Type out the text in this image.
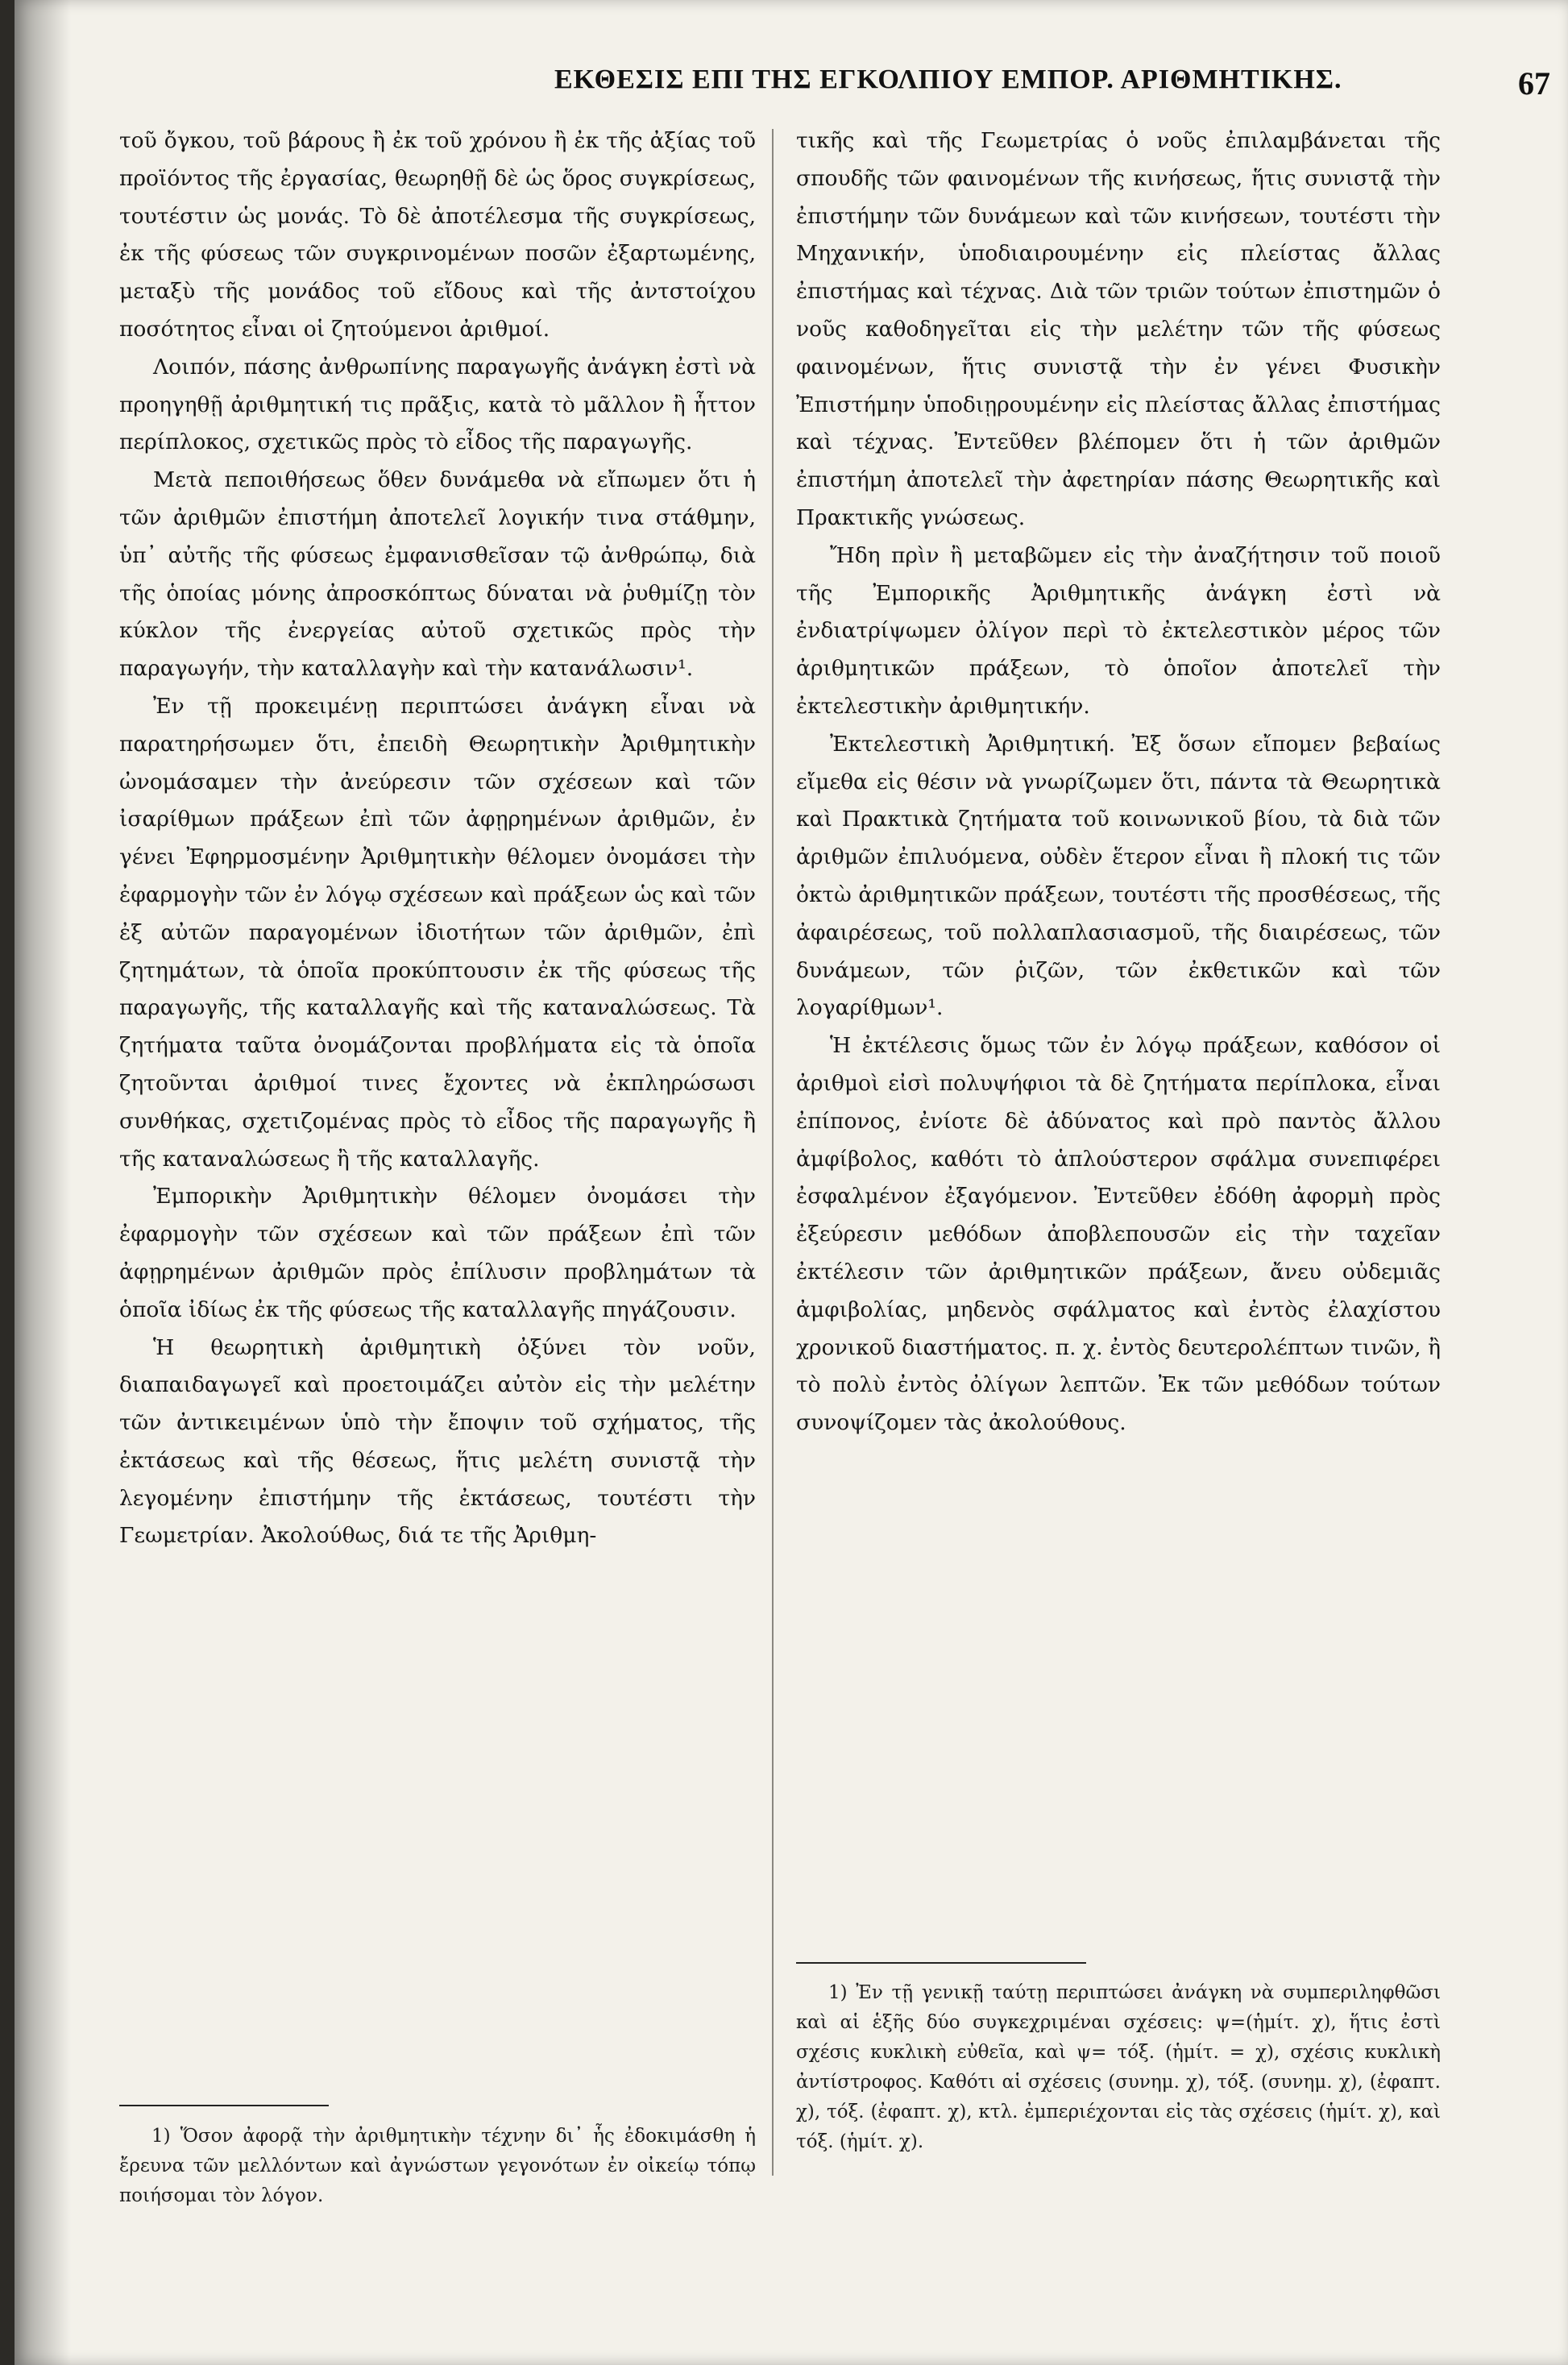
ΕΚΘΕΣΙΣ ΕΠΙ ΤΗΣ ΕΓΚΟΛΠΙΟΥ ΕΜΠΟΡ. ΑΡΙΘΜΗΤΙΚΗΣ.	67

τοῦ ὄγκου, τοῦ βάρους ἢ ἐκ τοῦ χρόνου ἢ ἐκ τῆς ἀξίας τοῦ προϊόντος τῆς ἐργασίας, θεωρηθῇ δὲ ὡς ὅρος συγκρίσεως, τουτέστιν ὡς μονάς. Τὸ δὲ ἀποτέλεσμα τῆς συγκρίσεως, ἐκ τῆς φύσεως τῶν συγκρινομένων ποσῶν ἐξαρτωμένης, μεταξὺ τῆς μονάδος τοῦ εἴδους καὶ τῆς ἀντστοίχου ποσότητος εἶναι οἱ ζητούμενοι ἀριθμοί.

Λοιπόν, πάσης ἀνθρωπίνης παραγωγῆς ἀνάγκη ἐστὶ νὰ προηγηθῇ ἀριθμητική τις πρᾶξις, κατὰ τὸ μᾶλλον ἢ ἧττον περίπλοκος, σχετικῶς πρὸς τὸ εἶδος τῆς παραγωγῆς.

Μετὰ πεποιθήσεως ὅθεν δυνάμεθα νὰ εἴπωμεν ὅτι ἡ τῶν ἀριθμῶν ἐπιστήμη ἀποτελεῖ λογικήν τινα στάθμην, ὑπ᾽ αὐτῆς τῆς φύσεως ἐμφανισθεῖσαν τῷ ἀνθρώπῳ, διὰ τῆς ὁποίας μόνης ἀπροσκόπτως δύναται νὰ ῥυθμίζῃ τὸν κύκλον τῆς ἐνεργείας αὐτοῦ σχετικῶς πρὸς τὴν παραγωγήν, τὴν καταλλαγὴν καὶ τὴν κατανάλωσιν¹.

Ἐν τῇ προκειμένῃ περιπτώσει ἀνάγκη εἶναι νὰ παρατηρήσωμεν ὅτι, ἐπειδὴ Θεωρητικὴν Ἀριθμητικὴν ὠνομάσαμεν τὴν ἀνεύρεσιν τῶν σχέσεων καὶ τῶν ἰσαρίθμων πράξεων ἐπὶ τῶν ἀφῃρημένων ἀριθμῶν, ἐν γένει Ἐφηρμοσμένην Ἀριθμητικὴν θέλομεν ὀνομάσει τὴν ἐφαρμογὴν τῶν ἐν λόγῳ σχέσεων καὶ πράξεων ὡς καὶ τῶν ἐξ αὐτῶν παραγομένων ἰδιοτήτων τῶν ἀριθμῶν, ἐπὶ ζητημάτων, τὰ ὁποῖα προκύπτουσιν ἐκ τῆς φύσεως τῆς παραγωγῆς, τῆς καταλλαγῆς καὶ τῆς καταναλώσεως. Τὰ ζητήματα ταῦτα ὀνομάζονται προβλήματα εἰς τὰ ὁποῖα ζητοῦνται ἀριθμοί τινες ἔχοντες νὰ ἐκπληρώσωσι συνθήκας, σχετιζομένας πρὸς τὸ εἶδος τῆς παραγωγῆς ἢ τῆς καταναλώσεως ἢ τῆς καταλλαγῆς.

Ἐμπορικὴν Ἀριθμητικὴν θέλομεν ὀνομάσει τὴν ἐφαρμογὴν τῶν σχέσεων καὶ τῶν πράξεων ἐπὶ τῶν ἀφῃρημένων ἀριθμῶν πρὸς ἐπίλυσιν προβλημάτων τὰ ὁποῖα ἰδίως ἐκ τῆς φύσεως τῆς καταλλαγῆς πηγάζουσιν.

Ἡ θεωρητικὴ ἀριθμητικὴ ὀξύνει τὸν νοῦν, διαπαιδαγωγεῖ καὶ προετοιμάζει αὐτὸν εἰς τὴν μελέτην τῶν ἀντικειμένων ὑπὸ τὴν ἔποψιν τοῦ σχήματος, τῆς ἐκτάσεως καὶ τῆς θέσεως, ἥτις μελέτη συνιστᾷ τὴν λεγομένην ἐπιστήμην τῆς ἐκτάσεως, τουτέστι τὴν Γεωμετρίαν. Ἀκολούθως, διά τε τῆς Ἀριθμη-

τικῆς καὶ τῆς Γεωμετρίας ὁ νοῦς ἐπιλαμβάνεται τῆς σπουδῆς τῶν φαινομένων τῆς κινήσεως, ἥτις συνιστᾷ τὴν ἐπιστήμην τῶν δυνάμεων καὶ τῶν κινήσεων, τουτέστι τὴν Μηχανικήν, ὑποδιαιρουμένην εἰς πλείστας ἄλλας ἐπιστήμας καὶ τέχνας. Διὰ τῶν τριῶν τούτων ἐπιστημῶν ὁ νοῦς καθοδηγεῖται εἰς τὴν μελέτην τῶν τῆς φύσεως φαινομένων, ἥτις συνιστᾷ τὴν ἐν γένει Φυσικὴν Ἐπιστήμην ὑποδιῃρουμένην εἰς πλείστας ἄλλας ἐπιστήμας καὶ τέχνας. Ἐντεῦθεν βλέπομεν ὅτι ἡ τῶν ἀριθμῶν ἐπιστήμη ἀποτελεῖ τὴν ἀφετηρίαν πάσης Θεωρητικῆς καὶ Πρακτικῆς γνώσεως.

Ἤδη πρὶν ἢ μεταβῶμεν εἰς τὴν ἀναζήτησιν τοῦ ποιοῦ τῆς Ἐμπορικῆς Ἀριθμητικῆς ἀνάγκη ἐστὶ νὰ ἐνδιατρίψωμεν ὀλίγον περὶ τὸ ἐκτελεστικὸν μέρος τῶν ἀριθμητικῶν πράξεων, τὸ ὁποῖον ἀποτελεῖ τὴν ἐκτελεστικὴν ἀριθμητικήν.

Ἐκτελεστικὴ Ἀριθμητική. Ἐξ ὅσων εἴπομεν βεβαίως εἴμεθα εἰς θέσιν νὰ γνωρίζωμεν ὅτι, πάντα τὰ Θεωρητικὰ καὶ Πρακτικὰ ζητήματα τοῦ κοινωνικοῦ βίου, τὰ διὰ τῶν ἀριθμῶν ἐπιλυόμενα, οὐδὲν ἕτερον εἶναι ἢ πλοκή τις τῶν ὀκτὼ ἀριθμητικῶν πράξεων, τουτέστι τῆς προσθέσεως, τῆς ἀφαιρέσεως, τοῦ πολλαπλασιασμοῦ, τῆς διαιρέσεως, τῶν δυνάμεων, τῶν ῥιζῶν, τῶν ἐκθετικῶν καὶ τῶν λογαρίθμων¹.

Ἡ ἐκτέλεσις ὅμως τῶν ἐν λόγῳ πράξεων, καθόσον οἱ ἀριθμοὶ εἰσὶ πολυψήφιοι τὰ δὲ ζητήματα περίπλοκα, εἶναι ἐπίπονος, ἐνίοτε δὲ ἀδύνατος καὶ πρὸ παντὸς ἄλλου ἀμφίβολος, καθότι τὸ ἁπλούστερον σφάλμα συνεπιφέρει ἐσφαλμένον ἐξαγόμενον. Ἐντεῦθεν ἐδόθη ἀφορμὴ πρὸς ἐξεύρεσιν μεθόδων ἀποβλεπουσῶν εἰς τὴν ταχεῖαν ἐκτέλεσιν τῶν ἀριθμητικῶν πράξεων, ἄνευ οὐδεμιᾶς ἀμφιβολίας, μηδενὸς σφάλματος καὶ ἐντὸς ἐλαχίστου χρονικοῦ διαστήματος. π. χ. ἐντὸς δευτερολέπτων τινῶν, ἢ τὸ πολὺ ἐντὸς ὀλίγων λεπτῶν. Ἐκ τῶν μεθόδων τούτων συνοψίζομεν τὰς ἀκολούθους.

1) Ἐν τῇ γενικῇ ταύτῃ περιπτώσει ἀνάγκη νὰ συμπεριληφθῶσι καὶ αἱ ἑξῆς δύο συγκεχριμέναι σχέσεις: ψ=(ἡμίτ. χ), ἥτις ἐστὶ σχέσις κυκλικὴ εὐθεῖα, καὶ ψ= τόξ. (ἡμίτ. = χ), σχέσις κυκλικὴ ἀντίστροφος. Καθότι αἱ σχέσεις (συνημ. χ), τόξ. (συνημ. χ), (ἐφαπτ. χ), τόξ. (ἐφαπτ. χ), κτλ. ἐμπεριέχονται εἰς τὰς σχέσεις (ἡμίτ. χ), καὶ τόξ. (ἡμίτ. χ).

1) Ὅσον ἀφορᾷ τὴν ἀριθμητικὴν τέχνην δι᾽ ἧς ἐδοκιμάσθη ἡ ἔρευνα τῶν μελλόντων καὶ ἀγνώστων γεγονότων ἐν οἰκείῳ τόπῳ ποιήσομαι τὸν λόγον.
